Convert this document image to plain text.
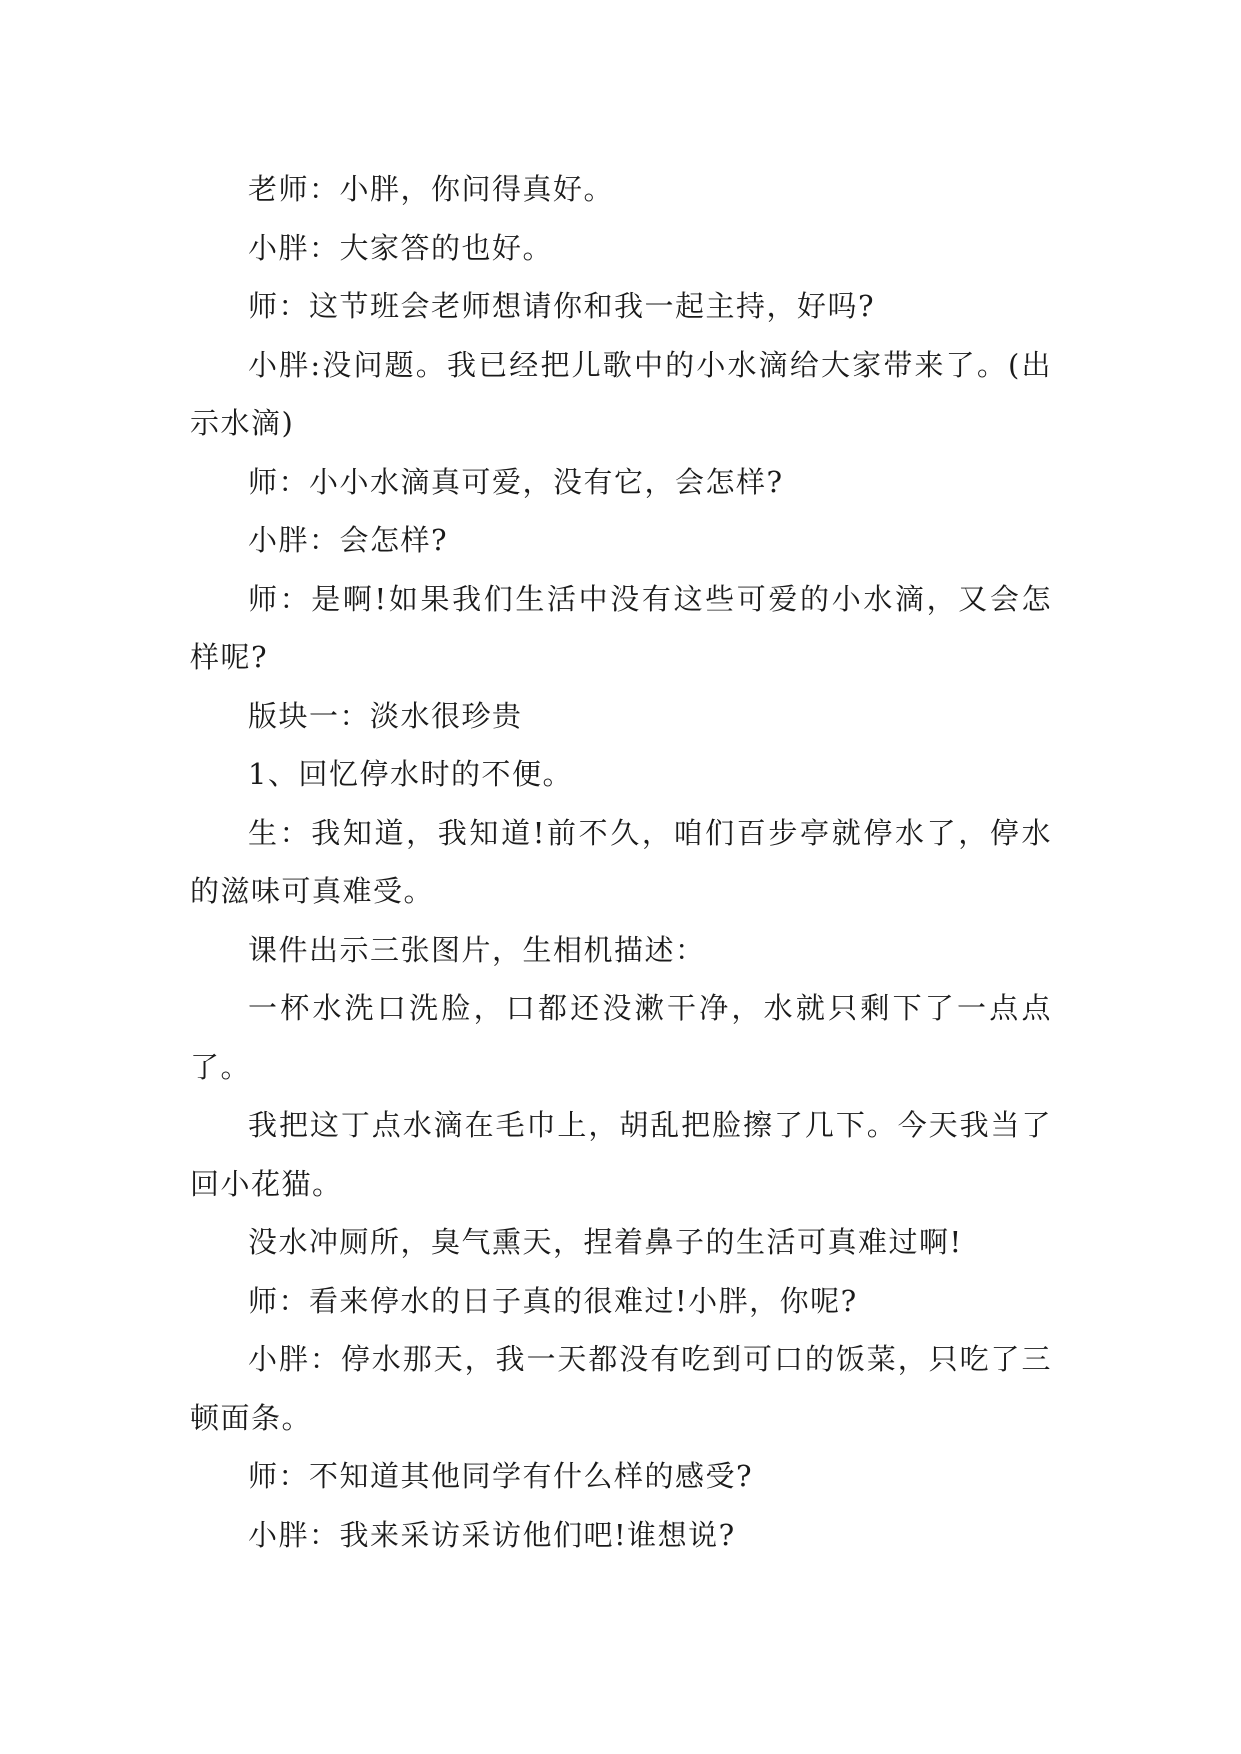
老师：小胖，你问得真好。

小胖：大家答的也好。

师：这节班会老师想请你和我一起主持，好吗?

小胖:没问题。我已经把儿歌中的小水滴给大家带来了。(出示水滴)

师：小小水滴真可爱，没有它，会怎样?

小胖：会怎样?

师：是啊!如果我们生活中没有这些可爱的小水滴，又会怎样呢?

版块一：淡水很珍贵

1、回忆停水时的不便。

生：我知道，我知道!前不久，咱们百步亭就停水了，停水的滋味可真难受。

课件出示三张图片，生相机描述：

一杯水洗口洗脸，口都还没漱干净，水就只剩下了一点点了。

我把这丁点水滴在毛巾上，胡乱把脸擦了几下。今天我当了回小花猫。

没水冲厕所，臭气熏天，捏着鼻子的生活可真难过啊!

师：看来停水的日子真的很难过!小胖，你呢?

小胖：停水那天，我一天都没有吃到可口的饭菜，只吃了三顿面条。

师：不知道其他同学有什么样的感受?

小胖：我来采访采访他们吧!谁想说?
